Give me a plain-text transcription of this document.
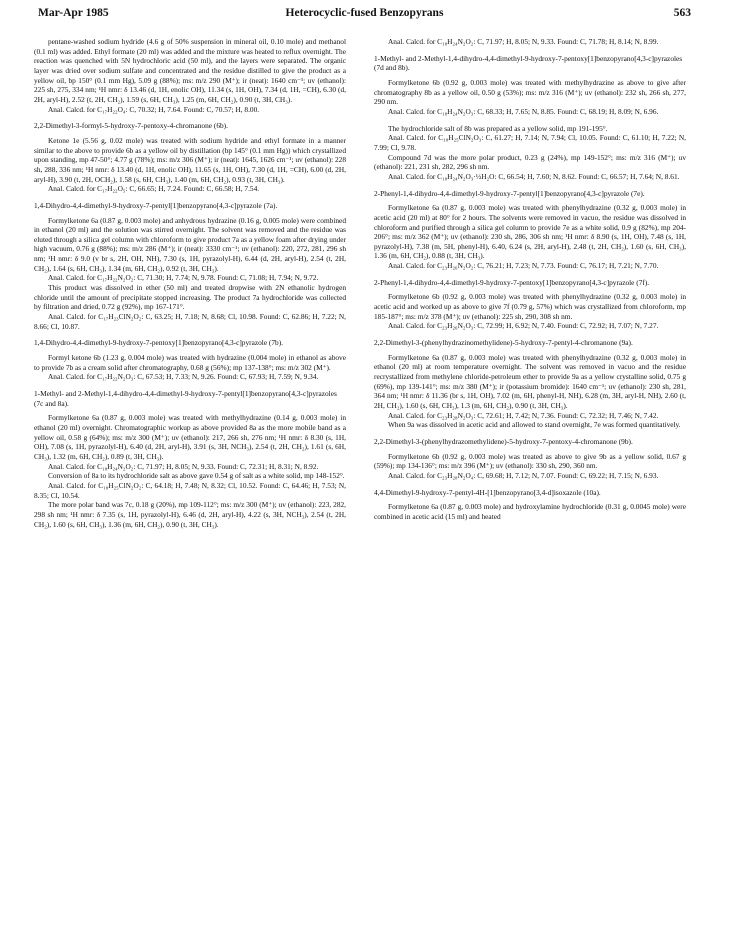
Mar-Apr 1985	Heterocyclic-fused Benzopyrans	563

pentane-washed sodium hydride (4.6 g of 50% suspension in mineral oil, 0.10 mole) and methanol (0.1 ml) was added. Ethyl formate (20 ml) was added and the mixture was heated to reflux overnight. The reaction was quenched with 5N hydrochloric acid (50 ml), and the layers were separated. The organic layer was dried over sodium sulfate and concentrated and the residue distilled to give the product as a yellow oil, bp 150° (0.1 mm Hg), 5.09 g (88%); ms: m/z 290 (M⁺); ir (neat): 1640 cm⁻¹; uv (ethanol): 225 sh, 275, 334 nm; ¹H nmr: δ 13.46 (d, 1H, enolic OH), 11.34 (s, 1H, OH), 7.34 (d, 1H, =CH), 6.30 (d, 2H, aryl-H), 2.52 (t, 2H, CH₂), 1.59 (s, 6H, CH₃), 1.25 (m, 6H, CH₂), 0.90 (t, 3H, CH₃).

Anal. Calcd. for C₁₇H₂₂O₄: C, 70.32; H, 7.64. Found: C, 70.57; H, 8.00.

2,2-Dimethyl-3-formyl-5-hydroxy-7-pentoxy-4-chromanone (6b).

Ketone 1e (5.56 g, 0.02 mole) was treated with sodium hydride and ethyl formate in a manner similar to the above to provide 6b as a yellow oil by distillation (bp 145° (0.1 mm Hg)) which crystallized upon standing, mp 47-50°; 4.77 g (78%); ms: m/z 306 (M⁺); ir (neat): 1645, 1626 cm⁻¹; uv (ethanol): 228 sh, 288, 336 nm; ¹H nmr: δ 13.40 (d, 1H, enolic OH), 11.65 (s, 1H, OH), 7.30 (d, 1H, =CH), 6.00 (d, 2H, aryl-H), 3.90 (t, 2H, OCH₂), 1.58 (s, 6H, CH₃), 1.40 (m, 6H, CH₂), 0.93 (t, 3H, CH₃).

Anal. Calcd. for C₁₇H₂₂O₅: C, 66.65; H, 7.24. Found: C, 66.58; H, 7.54.

1,4-Dihydro-4,4-dimethyl-9-hydroxy-7-pentyl[1]benzopyrano[4,3-c]pyrazole (7a).

Formylketone 6a (0.87 g, 0.003 mole) and anhydrous hydrazine (0.16 g, 0.005 mole) were combined in ethanol (20 ml) and the solution was stirred overnight. The solvent was removed and the residue was eluted through a silica gel column with chloroform to give product 7a as a yellow foam after drying under high vacuum, 0.76 g (88%); ms: m/z 286 (M⁺); ir (neat): 3330 cm⁻¹; uv (ethanol): 220, 272, 281, 296 sh nm; ¹H nmr: δ 9.0 (v br s, 2H, OH, NH), 7.30 (s, 1H, pyrazolyl-H), 6.44 (d, 2H, aryl-H), 2.54 (t, 2H, CH₂), 1.64 (s, 6H, CH₃), 1.34 (m, 6H, CH₂), 0.92 (t, 3H, CH₃).

Anal. Calcd. for C₁₇H₂₂N₂O₂: C, 71.30; H, 7.74; N, 9.78. Found: C, 71.08; H, 7.94; N, 9.72.

This product was dissolved in ether (50 ml) and treated dropwise with 2N ethanolic hydrogen chloride until the amount of precipitate stopped increasing. The product 7a hydrochloride was collected by filtration and dried, 0.72 g (92%), mp 167-171°.

Anal. Calcd. for C₁₇H₂₃ClN₂O₂: C, 63.25; H, 7.18; N, 8.68; Cl, 10.98. Found: C, 62.86; H, 7.22; N, 8.66; Cl, 10.87.

1,4-Dihydro-4,4-dimethyl-9-hydroxy-7-pentoxy[1]benzopyrano[4,3-c]pyrazole (7b).

Formyl ketone 6b (1.23 g, 0.004 mole) was treated with hydrazine (0.004 mole) in ethanol as above to provide 7b as a cream solid after chromatography, 0.68 g (56%); mp 137-138°; ms: m/z 302 (M⁺).

Anal. Calcd. for C₁₇H₂₂N₂O₃: C, 67.53; H, 7.33; N, 9.26. Found: C, 67.93; H, 7.59; N, 9.34.

1-Methyl- and 2-Methyl-1,4-dihydro-4,4-dimethyl-9-hydroxy-7-pentyl[1]benzopyrano[4,3-c]pyrazoles (7c and 8a).

Formylketone 6a (0.87 g, 0.003 mole) was treated with methylhydrazine (0.14 g, 0.003 mole) in ethanol (20 ml) overnight. Chromatographic workup as above provided 8a as the more mobile band as a yellow oil, 0.58 g (64%); ms: m/z 300 (M⁺); uv (ethanol): 217, 266 sh, 276 nm; ¹H nmr: δ 8.30 (s, 1H, OH), 7.08 (s, 1H, pyrazolyl-H), 6.40 (d, 2H, aryl-H), 3.91 (s, 3H, NCH₃), 2.54 (t, 2H, CH₂), 1.61 (s, 6H, CH₃), 1.32 (m, 6H, CH₂), 0.89 (t, 3H, CH₃).

Anal. Calcd. for C₁₈H₂₄N₂O₂: C, 71.97; H, 8.05; N, 9.33. Found: C, 72.31; H, 8.31; N, 8.92.

Conversion of 8a to its hydrochloride salt as above gave 0.54 g of salt as a white solid, mp 148-152°.

Anal. Calcd. for C₁₈H₂₅ClN₂O₂: C, 64.18; H, 7.48; N, 8.32; Cl, 10.52. Found: C, 64.46; H, 7.53; N, 8.35; Cl, 10.54.

The more polar band was 7c, 0.18 g (20%), mp 109-112°; ms: m/z 300 (M⁺); uv (ethanol): 223, 282, 298 sh nm; ¹H nmr: δ 7.35 (s, 1H, pyrazolyl-H), 6.46 (d, 2H, aryl-H), 4.22 (s, 3H, NCH₃), 2.54 (t, 2H, CH₂), 1.60 (s, 6H, CH₃), 1.36 (m, 6H, CH₂), 0.90 (t, 3H, CH₃).

Anal. Calcd. for C₁₈H₂₄N₂O₂: C, 71.97; H, 8.05; N, 9.33. Found: C, 71.78; H, 8.14; N, 8.99.

1-Methyl- and 2-Methyl-1,4-dihydro-4,4-dimethyl-9-hydroxy-7-pentoxy[1]benzopyrano[4,3-c]pyrazoles (7d and 8b).

Formylketone 6b (0.92 g, 0.003 mole) was treated with methylhydrazine as above to give after chromatography 8b as a yellow oil, 0.50 g (53%); ms: m/z 316 (M⁺); uv (ethanol): 232 sh, 266 sh, 277, 290 nm.

Anal. Calcd. for C₁₈H₂₄N₂O₃: C, 68.33; H, 7.65; N, 8.85. Found: C, 68.19; H, 8.09; N, 6.96.

The hydrochloride salt of 8b was prepared as a yellow solid, mp 191-195°.

Anal. Calcd. for C₁₈H₂₅ClN₂O₃: C, 61.27; H, 7.14; N, 7.94; Cl, 10.05. Found: C, 61.10; H, 7.22; N, 7.99; Cl, 9.78.

Compound 7d was the more polar product, 0.23 g (24%), mp 149-152°; ms: m/z 316 (M⁺); uv (ethanol): 221, 231 sh, 282, 296 sh nm.

Anal. Calcd. for C₁₈H₂₄N₂O₃·½H₂O: C, 66.54; H, 7.60; N, 8.62. Found: C, 66.57; H, 7.64; N, 8.61.

2-Phenyl-1,4-dihydro-4,4-dimethyl-9-hydroxy-7-pentyl[1]benzopyrano[4,3-c]pyrazole (7e).

Formylketone 6a (0.87 g, 0.003 mole) was treated with phenylhydrazine (0.32 g, 0.003 mole) in acetic acid (20 ml) at 80° for 2 hours. The solvents were removed in vacuo, the residue was dissolved in chloroform and purified through a silica gel column to provide 7e as a white solid, 0.9 g (82%), mp 204-206°; ms: m/z 362 (M⁺); uv (ethanol): 230 sh, 286, 306 sh nm; ¹H nmr: δ 8.90 (s, 1H, OH), 7.48 (s, 1H, pyrazolyl-H), 7.38 (m, 5H, phenyl-H), 6.40, 6.24 (s, 2H, aryl-H), 2.48 (t, 2H, CH₂), 1.60 (s, 6H, CH₃), 1.36 (m, 6H, CH₂), 0.88 (t, 3H, CH₃).

Anal. Calcd. for C₂₃H₂₆N₂O₂: C, 76.21; H, 7.23; N, 7.73. Found: C, 76.17; H, 7.21; N, 7.70.

2-Phenyl-1,4-dihydro-4,4-dimethyl-9-hydroxy-7-pentoxy[1]benzopyrano[4,3-c]pyrazole (7f).

Formylketone 6b (0.92 g, 0.003 mole) was treated with phenylhydrazine (0.32 g, 0.003 mole) in acetic acid and worked up as above to give 7f (0.79 g, 57%) which was crystallized from chloroform, mp 185-187°; ms: m/z 378 (M⁺); uv (ethanol): 225 sh, 290, 308 sh nm.

Anal. Calcd. for C₂₃H₂₆N₂O₃: C, 72.99; H, 6.92; N, 7.40. Found: C, 72.92; H, 7.07; N, 7.27.

2,2-Dimethyl-3-(phenylhydrazinomethylidene)-5-hydroxy-7-pentyl-4-chromanone (9a).

Formylketone 6a (0.87 g, 0.003 mole) was treated with phenylhydrazine (0.32 g, 0.003 mole) in ethanol (20 ml) at room temperature overnight. The solvent was removed in vacuo and the residue recrystallized from methylene chloride-petroleum ether to provide 9a as a yellow crystalline solid, 0.75 g (69%), mp 139-141°; ms: m/z 380 (M⁺); ir (potassium bromide): 1640 cm⁻¹; uv (ethanol): 230 sh, 281, 364 nm; ¹H nmr: δ 11.36 (br s, 1H, OH), 7.02 (m, 6H, phenyl-H, NH), 6.28 (m, 3H, aryl-H, NH), 2.60 (t, 2H, CH₂), 1.60 (s, 6H, CH₃), 1.3 (m, 6H, CH₂), 0.90 (t, 3H, CH₃).

Anal. Calcd. for C₂₃H₂₈N₂O₃: C, 72.61; H, 7.42; N, 7.36. Found: C, 72.32; H, 7.46; N, 7.42.

When 9a was dissolved in acetic acid and allowed to stand overnight, 7e was formed quantitatively.

2,2-Dimethyl-3-(phenylhydrazomethylidene)-5-hydroxy-7-pentoxy-4-chromanone (9b).

Formylketone 6b (0.92 g, 0.003 mole) was treated as above to give 9b as a yellow solid, 0.67 g (59%); mp 134-136°; ms: m/z 396 (M⁺); uv (ethanol): 330 sh, 290, 360 nm.

Anal. Calcd. for C₂₃H₂₈N₂O₄: C, 69.68; H, 7.12; N, 7.07. Found: C, 69.22; H, 7.15; N, 6.93.

4,4-Dimethyl-9-hydroxy-7-pentyl-4H-[1]benzopyrano[3,4-d]isoxazole (10a).

Formylketone 6a (0.87 g, 0.003 mole) and hydroxylamine hydrochloride (0.31 g, 0.0045 mole) were combined in acetic acid (15 ml) and heated
